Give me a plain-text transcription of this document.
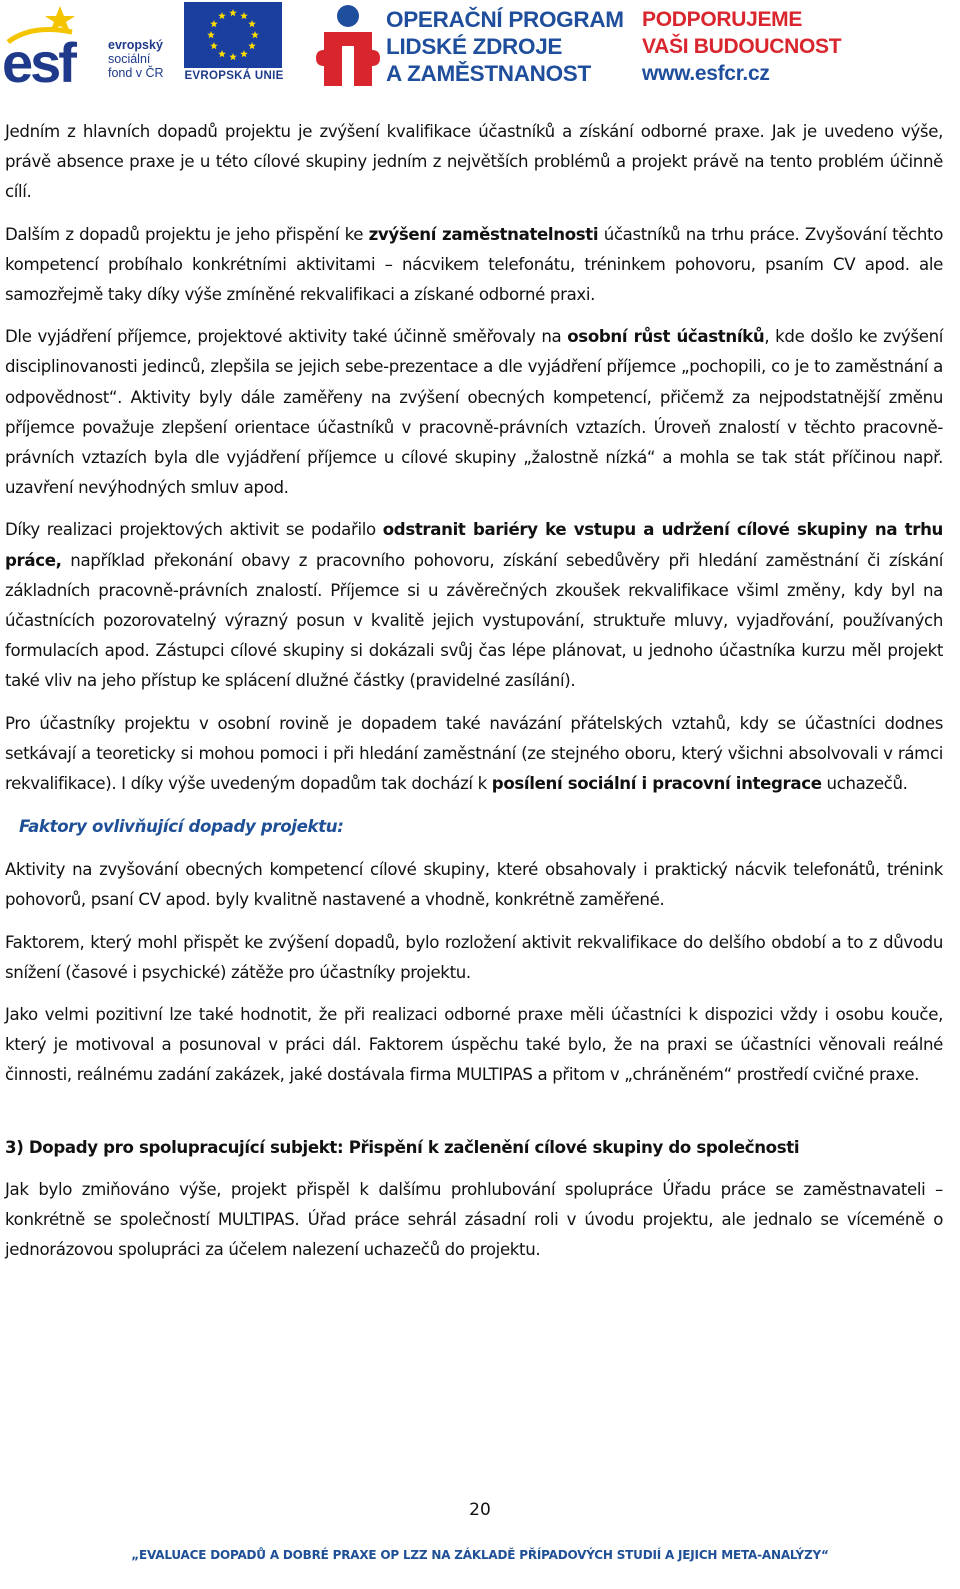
esf	evropský
sociální
fond v ČR	EVROPSKÁ UNIE
OPERAČNÍ PROGRAM
LIDSKÉ ZDROJE
A ZAMĚSTNANOST
PODPORUJEME
VAŠI BUDOUCNOST
www.esfcr.cz

Jedním z hlavních dopadů projektu je zvýšení kvalifikace účastníků a získání odborné praxe. Jak je uvedeno výše, právě absence praxe je u této cílové skupiny jedním z největších problémů a projekt právě na tento problém účinně cílí.

Dalším z dopadů projektu je jeho přispění ke zvýšení zaměstnatelnosti účastníků na trhu práce. Zvyšování těchto kompetencí probíhalo konkrétními aktivitami – nácvikem telefonátu, tréninkem pohovoru, psaním CV apod. ale samozřejmě taky díky výše zmíněné rekvalifikaci a získané odborné praxi.

Dle vyjádření příjemce, projektové aktivity také účinně směřovaly na osobní růst účastníků, kde došlo ke zvýšení disciplinovanosti jedinců, zlepšila se jejich sebe-prezentace a dle vyjádření příjemce „pochopili, co je to zaměstnání a odpovědnost“. Aktivity byly dále zaměřeny na zvýšení obecných kompetencí, přičemž za nejpodstatnější změnu příjemce považuje zlepšení orientace účastníků v pracovně-právních vztazích. Úroveň znalostí v těchto pracovně-právních vztazích byla dle vyjádření příjemce u cílové skupiny „žalostně nízká“ a mohla se tak stát příčinou např. uzavření nevýhodných smluv apod.

Díky realizaci projektových aktivit se podařilo odstranit bariéry ke vstupu a udržení cílové skupiny na trhu práce, například překonání obavy z pracovního pohovoru, získání sebedůvěry při hledání zaměstnání či získání základních pracovně-právních znalostí. Příjemce si u závěrečných zkoušek rekvalifikace všiml změny, kdy byl na účastnících pozorovatelný výrazný posun v kvalitě jejich vystupování, struktuře mluvy, vyjadřování, používaných formulacích apod. Zástupci cílové skupiny si dokázali svůj čas lépe plánovat, u jednoho účastníka kurzu měl projekt také vliv na jeho přístup ke splácení dlužné částky (pravidelné zasílání).

Pro účastníky projektu v osobní rovině je dopadem také navázání přátelských vztahů, kdy se účastníci dodnes setkávají a teoreticky si mohou pomoci i při hledání zaměstnání (ze stejného oboru, který všichni absolvovali v rámci rekvalifikace). I díky výše uvedeným dopadům tak dochází k posílení sociální i pracovní integrace uchazečů.

Faktory ovlivňující dopady projektu:

Aktivity na zvyšování obecných kompetencí cílové skupiny, které obsahovaly i praktický nácvik telefonátů, trénink pohovorů, psaní CV apod. byly kvalitně nastavené a vhodně, konkrétně zaměřené.

Faktorem, který mohl přispět ke zvýšení dopadů, bylo rozložení aktivit rekvalifikace do delšího období a to z důvodu snížení (časové i psychické) zátěže pro účastníky projektu.

Jako velmi pozitivní lze také hodnotit, že při realizaci odborné praxe měli účastníci k dispozici vždy i osobu kouče, který je motivoval a posunoval v práci dál. Faktorem úspěchu také bylo, že na praxi se účastníci věnovali reálné činnosti, reálnému zadání zakázek, jaké dostávala firma MULTIPAS a přitom v „chráněném“ prostředí cvičné praxe.

3) Dopady pro spolupracující subjekt: Přispění k začlenění cílové skupiny do společnosti

Jak bylo zmiňováno výše, projekt přispěl k dalšímu prohlubování spolupráce Úřadu práce se zaměstnavateli – konkrétně se společností MULTIPAS. Úřad práce sehrál zásadní roli v úvodu projektu, ale jednalo se víceméně o jednorázovou spolupráci za účelem nalezení uchazečů do projektu.

20
„EVALUACE DOPADŮ A DOBRÉ PRAXE OP LZZ NA ZÁKLADĚ PŘÍPADOVÝCH STUDIÍ A JEJICH META-ANALÝZY“
